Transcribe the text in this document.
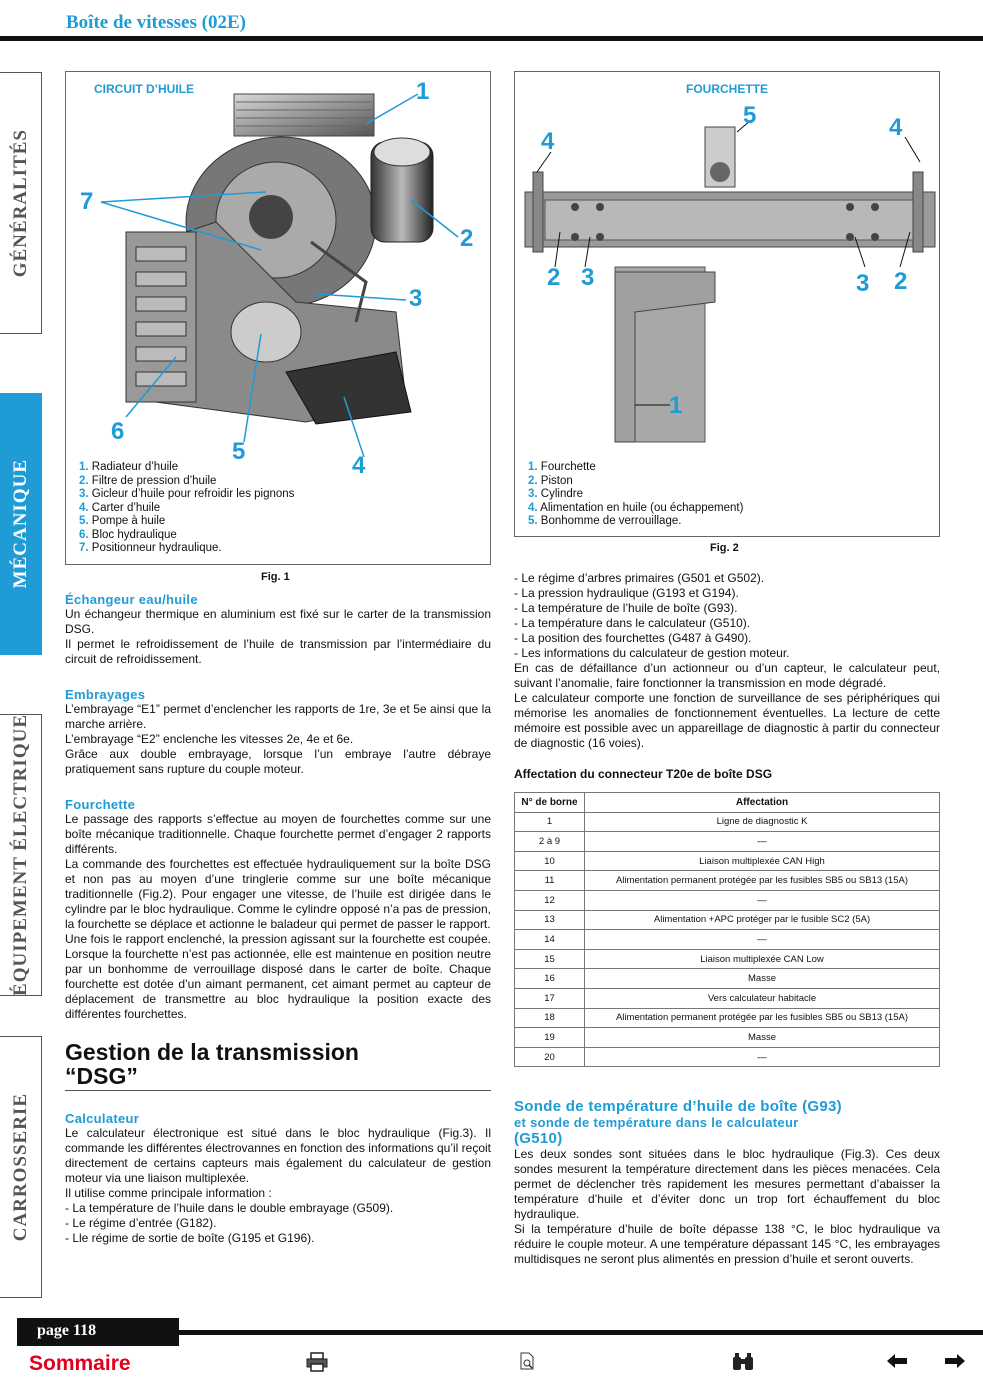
Boîte de vitesses (02E)
GÉNÉRALITÉS
MÉCANIQUE
ÉQUIPEMENT ÉLECTRIQUE
CARROSSERIE
CIRCUIT D’HUILE	1
2
3
4
5
6
7
1. Radiateur d’huile
2. Filtre de pression d’huile
3. Gicleur d’huile pour refroidir les pignons
4. Carter d’huile
5. Pompe à huile
6. Bloc hydraulique
7. Positionneur hydraulique.
Fig. 1
FOURCHETTE
5
4
4
2 3	3 2
1
1. Fourchette
2. Piston
3. Cylindre
4. Alimentation en huile (ou échappement)
5. Bonhomme de verrouillage.
Fig. 2
Échangeur eau/huile

Un échangeur thermique en aluminium est fixé sur le carter de la transmission DSG.

Il permet le refroidissement de l’huile de transmission par l’intermédiaire du circuit de refroidissement.

Embrayages

L’embrayage “E1” permet d’enclencher les rapports de 1re, 3e et 5e ainsi que la marche arrière.

L’embrayage “E2” enclenche les vitesses 2e, 4e et 6e.

Grâce aux double embrayage, lorsque l’un embraye l’autre débraye pratiquement sans rupture du couple moteur.

Fourchette

Le passage des rapports s’effectue au moyen de fourchettes comme sur une boîte mécanique traditionnelle. Chaque fourchette permet d’engager 2 rapports différents.

La commande des fourchettes est effectuée hydrauliquement sur la boîte DSG et non pas au moyen d’une tringlerie comme sur une boîte mécanique traditionnelle (Fig.2). Pour engager une vitesse, de l’huile est dirigée dans le cylindre par le bloc hydraulique. Comme le cylindre opposé n’a pas de pression, la fourchette se déplace et actionne le baladeur qui permet de passer le rapport.

Une fois le rapport enclenché, la pression agissant sur la fourchette est coupée. Lorsque la fourchette n’est pas actionnée, elle est maintenue en position neutre par un bonhomme de verrouillage disposé dans le carter de boîte. Chaque fourchette est dotée d’un aimant permanent, cet aimant permet au capteur de déplacement de transmettre au bloc hydraulique la position exacte des différentes fourchettes.

Gestion de la transmission
“DSG”
Calculateur

Le calculateur électronique est situé dans le bloc hydraulique (Fig.3). Il commande les différentes électrovannes en fonction des informations qu’il reçoit directement de certains capteurs mais également du calculateur de gestion moteur via une liaison multiplexée.

Il utilise comme principale information :

- La température de l’huile dans le double embrayage (G509).

- Le régime d’entrée (G182).

- Lle régime de sortie de boîte (G195 et G196).

- Le régime d’arbres primaires (G501 et G502).

- La pression hydraulique (G193 et G194).

- La température de l’huile de boîte (G93).

- La température dans le calculateur (G510).

- La position des fourchettes (G487 à G490).

- Les informations du calculateur de gestion moteur.

En cas de défaillance d’un actionneur ou d’un capteur, le calculateur peut, suivant l’anomalie, faire fonctionner la transmission en mode dégradé.

Le calculateur comporte une fonction de surveillance de ses périphériques qui mémorise les anomalies de fonctionnement éventuelles. La lecture de cette mémoire est possible avec un appareillage de diagnostic à partir du connecteur de diagnostic (16 voies).

Affectation du connecteur T20e de boîte DSG
N° de borne	Affectation
1	Ligne de diagnostic K
2 à 9	—
10	Liaison multiplexée CAN High
11	Alimentation permanent protégée par les fusibles SB5 ou SB13 (15A)
12	—
13	Alimentation +APC protéger par le fusible SC2 (5A)
14	—
15	Liaison multiplexée CAN Low
16	Masse
17	Vers calculateur habitacle
18	Alimentation permanent protégée par les fusibles SB5 ou SB13 (15A)
19	Masse
20	—
Sonde de température d’huile de boîte (G93)
et sonde de température dans le calculateur
(G510)

Les deux sondes sont situées dans le bloc hydraulique (Fig.3). Ces deux sondes mesurent la température directement dans les pièces menacées. Cela permet de déclencher très rapidement les mesures permettant d’abaisser la température d’huile et d’éviter donc un trop fort échauffement du bloc hydraulique.

Si la température d’huile de boîte dépasse 138 °C, le bloc hydraulique va réduire le couple moteur. A une température dépassant 145 °C, les embrayages multidisques ne seront plus alimentés en pression d’huile et seront ouverts.

page 118
Sommaire
